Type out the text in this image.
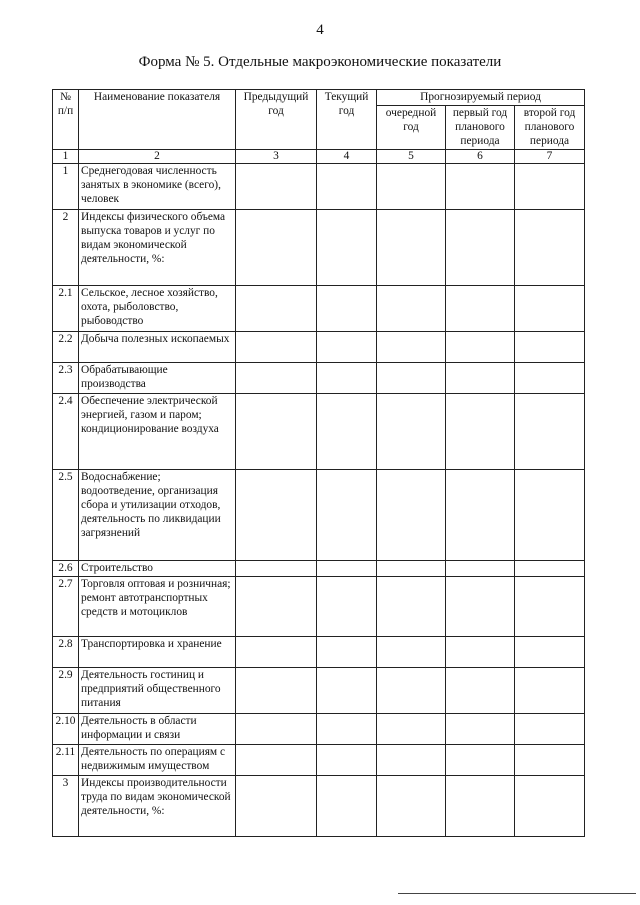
4
Форма № 5. Отдельные макроэкономические показатели
№ п/п	Наименование показателя	Предыдущий год	Текущий год	Прогнозируемый период		
				очередной год	первый год планового периода	второй год планового периода
1	2	3	4	5	6	7
1	Среднегодовая численность занятых в экономике (всего), человек					
2	Индексы физического объема выпуска товаров и услуг по видам экономической деятельности, %:					
2.1	Сельское, лесное хозяйство, охота, рыболовство, рыбоводство					
2.2	Добыча полезных ископаемых					
2.3	Обрабатывающие производства					
2.4	Обеспечение электрической энергией, газом и паром; кондиционирование воздуха					
2.5	Водоснабжение; водоотведение, организация сбора и утилизации отходов, деятельность по ликвидации загрязнений					
2.6	Строительство					
2.7	Торговля оптовая и розничная; ремонт автотранспортных средств и мотоциклов					
2.8	Транспортировка и хранение					
2.9	Деятельность гостиниц и предприятий общественного питания					
2.10	Деятельность в области информации и связи					
2.11	Деятельность по операциям с недвижимым имуществом					
3	Индексы производительности труда по видам экономической деятельности, %:					
